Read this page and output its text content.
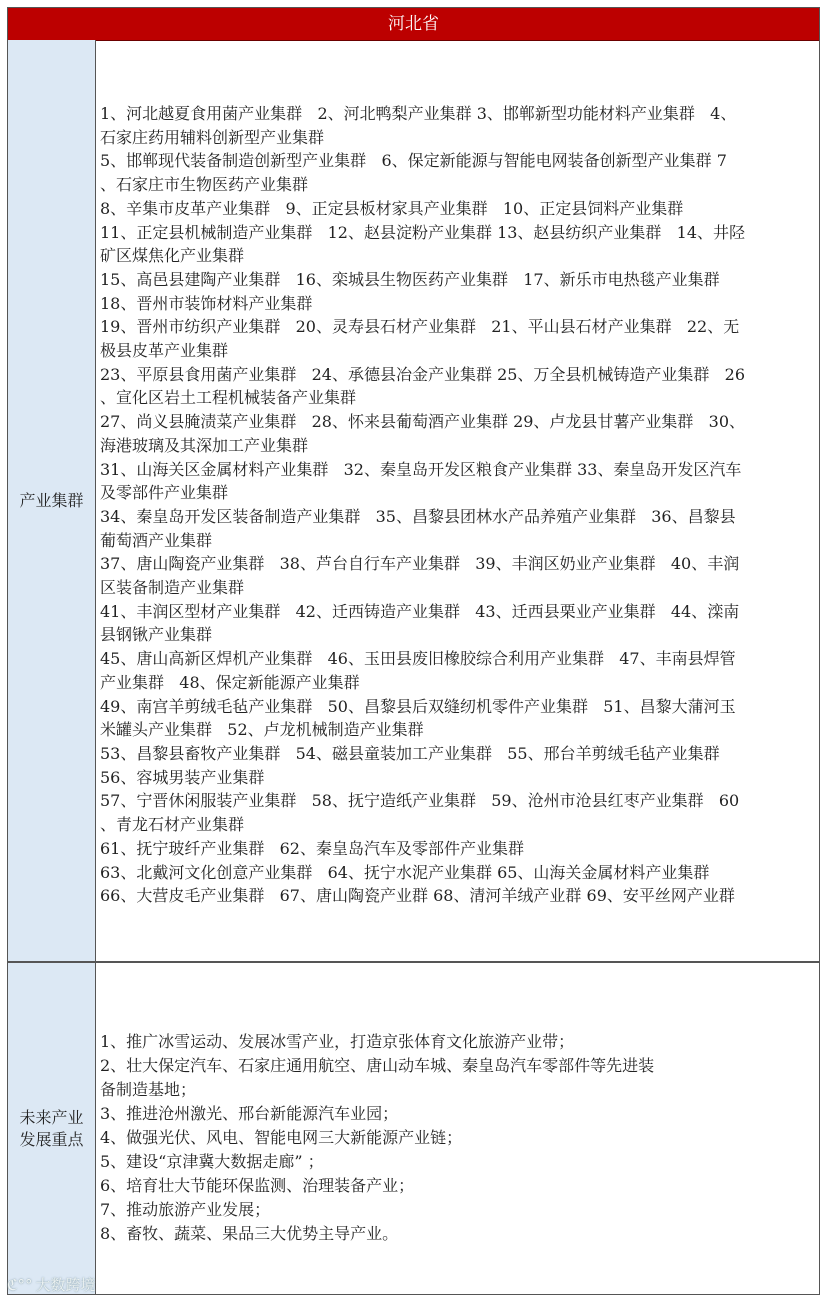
河北省
产业集群
1、河北越夏食用菌产业集群   2、河北鸭梨产业集群 3、邯郸新型功能材料产业集群   4、
石家庄药用辅料创新型产业集群
5、邯郸现代装备制造创新型产业集群   6、保定新能源与智能电网装备创新型产业集群 7
、石家庄市生物医药产业集群
8、辛集市皮革产业集群   9、正定县板材家具产业集群   10、正定县饲料产业集群
11、正定县机械制造产业集群   12、赵县淀粉产业集群 13、赵县纺织产业集群   14、井陉
矿区煤焦化产业集群
15、高邑县建陶产业集群   16、栾城县生物医药产业集群   17、新乐市电热毯产业集群
18、晋州市装饰材料产业集群
19、晋州市纺织产业集群   20、灵寿县石材产业集群   21、平山县石材产业集群   22、无
极县皮革产业集群
23、平原县食用菌产业集群   24、承德县冶金产业集群 25、万全县机械铸造产业集群   26
、宣化区岩土工程机械装备产业集群
27、尚义县腌渍菜产业集群   28、怀来县葡萄酒产业集群 29、卢龙县甘薯产业集群   30、
海港玻璃及其深加工产业集群
31、山海关区金属材料产业集群   32、秦皇岛开发区粮食产业集群 33、秦皇岛开发区汽车
及零部件产业集群
34、秦皇岛开发区装备制造产业集群   35、昌黎县团林水产品养殖产业集群   36、昌黎县
葡萄酒产业集群
37、唐山陶瓷产业集群   38、芦台自行车产业集群   39、丰润区奶业产业集群   40、丰润
区装备制造产业集群
41、丰润区型材产业集群   42、迁西铸造产业集群   43、迁西县栗业产业集群   44、滦南
县钢锹产业集群
45、唐山高新区焊机产业集群   46、玉田县废旧橡胶综合利用产业集群   47、丰南县焊管
产业集群   48、保定新能源产业集群
49、南宫羊剪绒毛毡产业集群   50、昌黎县后双缝纫机零件产业集群   51、昌黎大蒲河玉
米罐头产业集群   52、卢龙机械制造产业集群
53、昌黎县畜牧产业集群   54、磁县童装加工产业集群   55、邢台羊剪绒毛毡产业集群
56、容城男装产业集群
57、宁晋休闲服装产业集群   58、抚宁造纸产业集群   59、沧州市沧县红枣产业集群   60
、青龙石材产业集群
61、抚宁玻纤产业集群   62、秦皇岛汽车及零部件产业集群
63、北戴河文化创意产业集群   64、抚宁水泥产业集群 65、山海关金属材料产业集群
66、大营皮毛产业集群   67、唐山陶瓷产业群 68、清河羊绒产业群 69、安平丝网产业群
未来产业
发展重点
1、推广冰雪运动、发展冰雪产业，打造京张体育文化旅游产业带；
2、壮大保定汽车、石家庄通用航空、唐山动车城、秦皇岛汽车零部件等先进装
备制造基地；
3、推进沧州激光、邢台新能源汽车业园；
4、做强光伏、风电、智能电网三大新能源产业链；
5、建设“京津冀大数据走廊” ；
6、培育壮大节能环保监测、治理装备产业；
7、推动旅游产业发展；
8、畜牧、蔬菜、果品三大优势主导产业。
ℭ°° 大数跨境
